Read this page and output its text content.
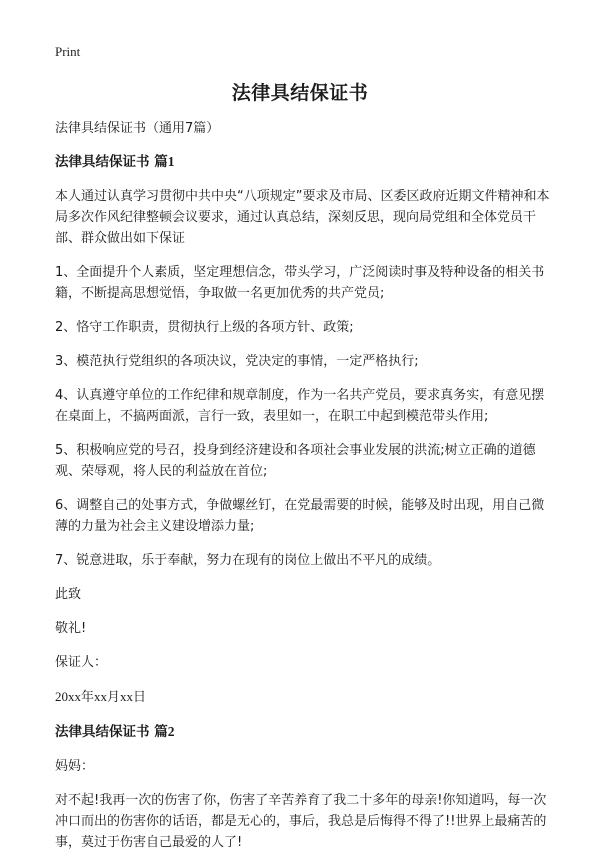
Print
法律具结保证书
法律具结保证书（通用7篇）
法律具结保证书 篇1
本人通过认真学习贯彻中共中央“八项规定”要求及市局、区委区政府近期文件精神和本局多次作风纪律整顿会议要求，通过认真总结，深刻反思，现向局党组和全体党员干部、群众做出如下保证
1、全面提升个人素质，坚定理想信念，带头学习，广泛阅读时事及特种设备的相关书籍，不断提高思想觉悟，争取做一名更加优秀的共产党员;
2、恪守工作职责，贯彻执行上级的各项方针、政策;
3、模范执行党组织的各项决议，党决定的事情，一定严格执行;
4、认真遵守单位的工作纪律和规章制度，作为一名共产党员，要求真务实，有意见摆在桌面上，不搞两面派，言行一致，表里如一，在职工中起到模范带头作用;
5、积极响应党的号召，投身到经济建设和各项社会事业发展的洪流;树立正确的道德观、荣辱观，将人民的利益放在首位;
6、调整自己的处事方式，争做螺丝钉，在党最需要的时候，能够及时出现，用自己微薄的力量为社会主义建设增添力量;
7、锐意进取，乐于奉献，努力在现有的岗位上做出不平凡的成绩。
此致
敬礼!
保证人：
20xx年xx月xx日
法律具结保证书 篇2
妈妈：
对不起!我再一次的伤害了你，伤害了辛苦养育了我二十多年的母亲!你知道吗，每一次冲口而出的伤害你的话语，都是无心的，事后，我总是后悔得不得了!!世界上最痛苦的事，莫过于伤害自己最爱的人了!
